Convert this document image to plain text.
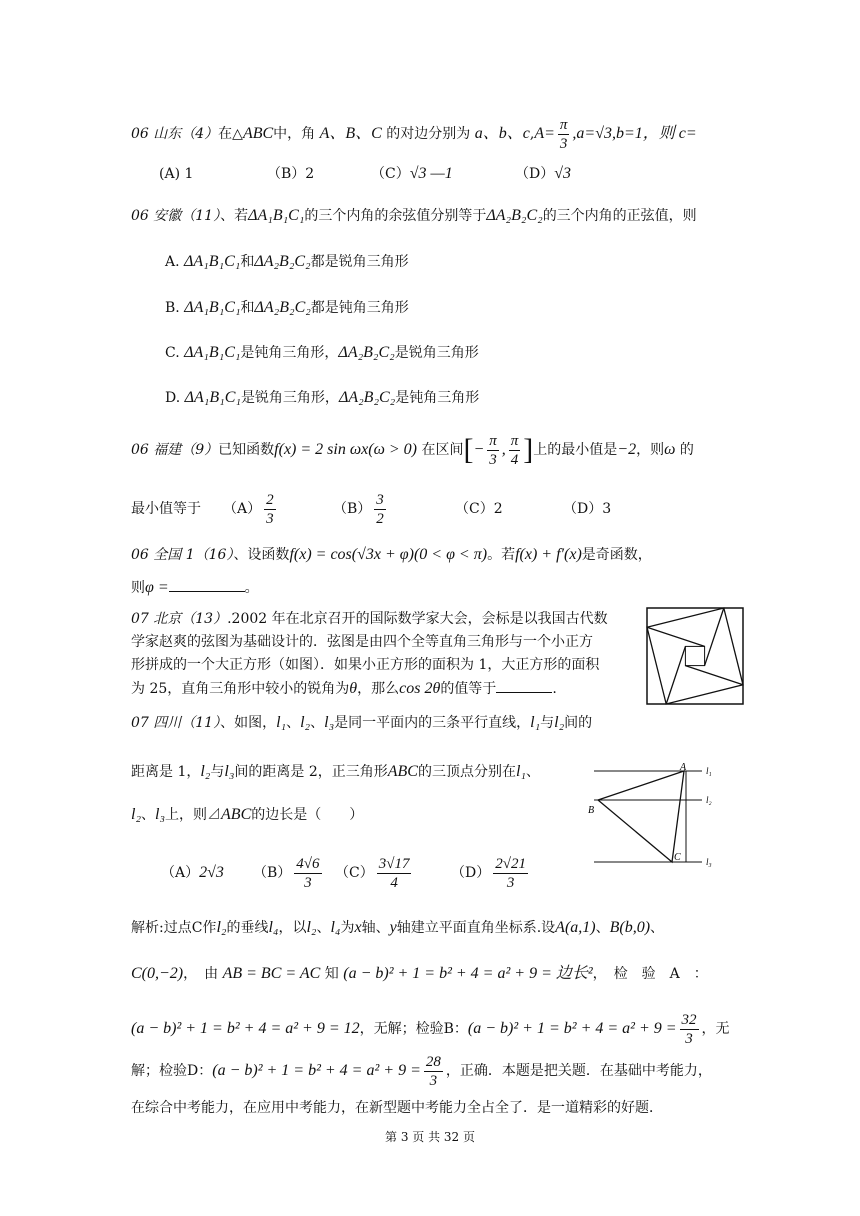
06 山东（4）在△ABC中，角 A、B、C 的对边分别为 a、b、$c,A= \frac{\pi}{3} ,a=√3,b=1$，则 c=
(A) 1	（B）2	（C）√3 —1	（D）√3
06 安徽（11）、若ΔA₁B₁C₁的三个内角的余弦值分别等于ΔA₂B₂C₂的三个内角的正弦值，则
A. ΔA₁B₁C₁和ΔA₂B₂C₂都是锐角三角形
B. ΔA₁B₁C₁和ΔA₂B₂C₂都是钝角三角形
C. ΔA₁B₁C₁是钝角三角形，ΔA₂B₂C₂是锐角三角形
D. ΔA₁B₁C₁是锐角三角形，ΔA₂B₂C₂是钝角三角形
06 福建（9）已知函数f(x) = 2 sin ωx(ω > 0) 在区间[− $\frac{\pi}{3}$ , $\frac{\pi}{4}$ ]上的最小值是−2，则ω 的
最小值等于 $(A) \frac{2}{3}$	$(B) \frac{3}{2}$	（C）2	（D）3
06 全国 1（16）、设函数f(x) = cos(√3x + φ)(0 < φ < π)。若f(x) + f′(x)是奇函数，
则φ =	。
07 北京（13）.2002 年在北京召开的国际数学家大会，会标是以我国古代数
学家赵爽的弦图为基础设计的．弦图是由四个全等直角三角形与一个小正方
形拼成的一个大正方形（如图）．如果小正方形的面积为 1，大正方形的面积
为 25，直角三角形中较小的锐角为θ，那么cos 2θ的值等于	.
07 四川（11）、如图，l₁、l₂、l₃是同一平面内的三条平行直线，l₁与l₂间的
距离是 1，l₂与l₃间的距离是 2，正三角形ABC的三顶点分别在l₁、
l₂、l₃上，则⊿ABC的边长是（　　）
（A）2√3 $(B) \frac{4√6}{3} (C) \frac{3√17}{4}$	$(D) \frac{2√21}{3}$
A
B
C
l₁
l₂
l₃
解析:过点C作l₂的垂线l₄，以l₂、l₄为x轴、y轴建立平面直角坐标系.设A(a,1)、B(b,0)、
C(0,−2)，　由 AB = BC = AC 知 (a − b)² + 1 = b² + 4 = a² + 9 = 边长²，　检　验　A　：
(a − b)² + 1 = b² + 4 = a² + 9 = 12，无解；检验B：$(a - b)^2 + 1 = b^2 + 4 = a^2 + 9 = \frac{32}{3}$ ，无
解；检验D：$(a - b)^2 + 1 = b^2 + 4 = a^2 + 9 = \frac{28}{3}$ ，正确．本题是把关题．在基础中考能力，
在综合中考能力，在应用中考能力，在新型题中考能力全占全了．是一道精彩的好题．
第 3 页 共 32 页
